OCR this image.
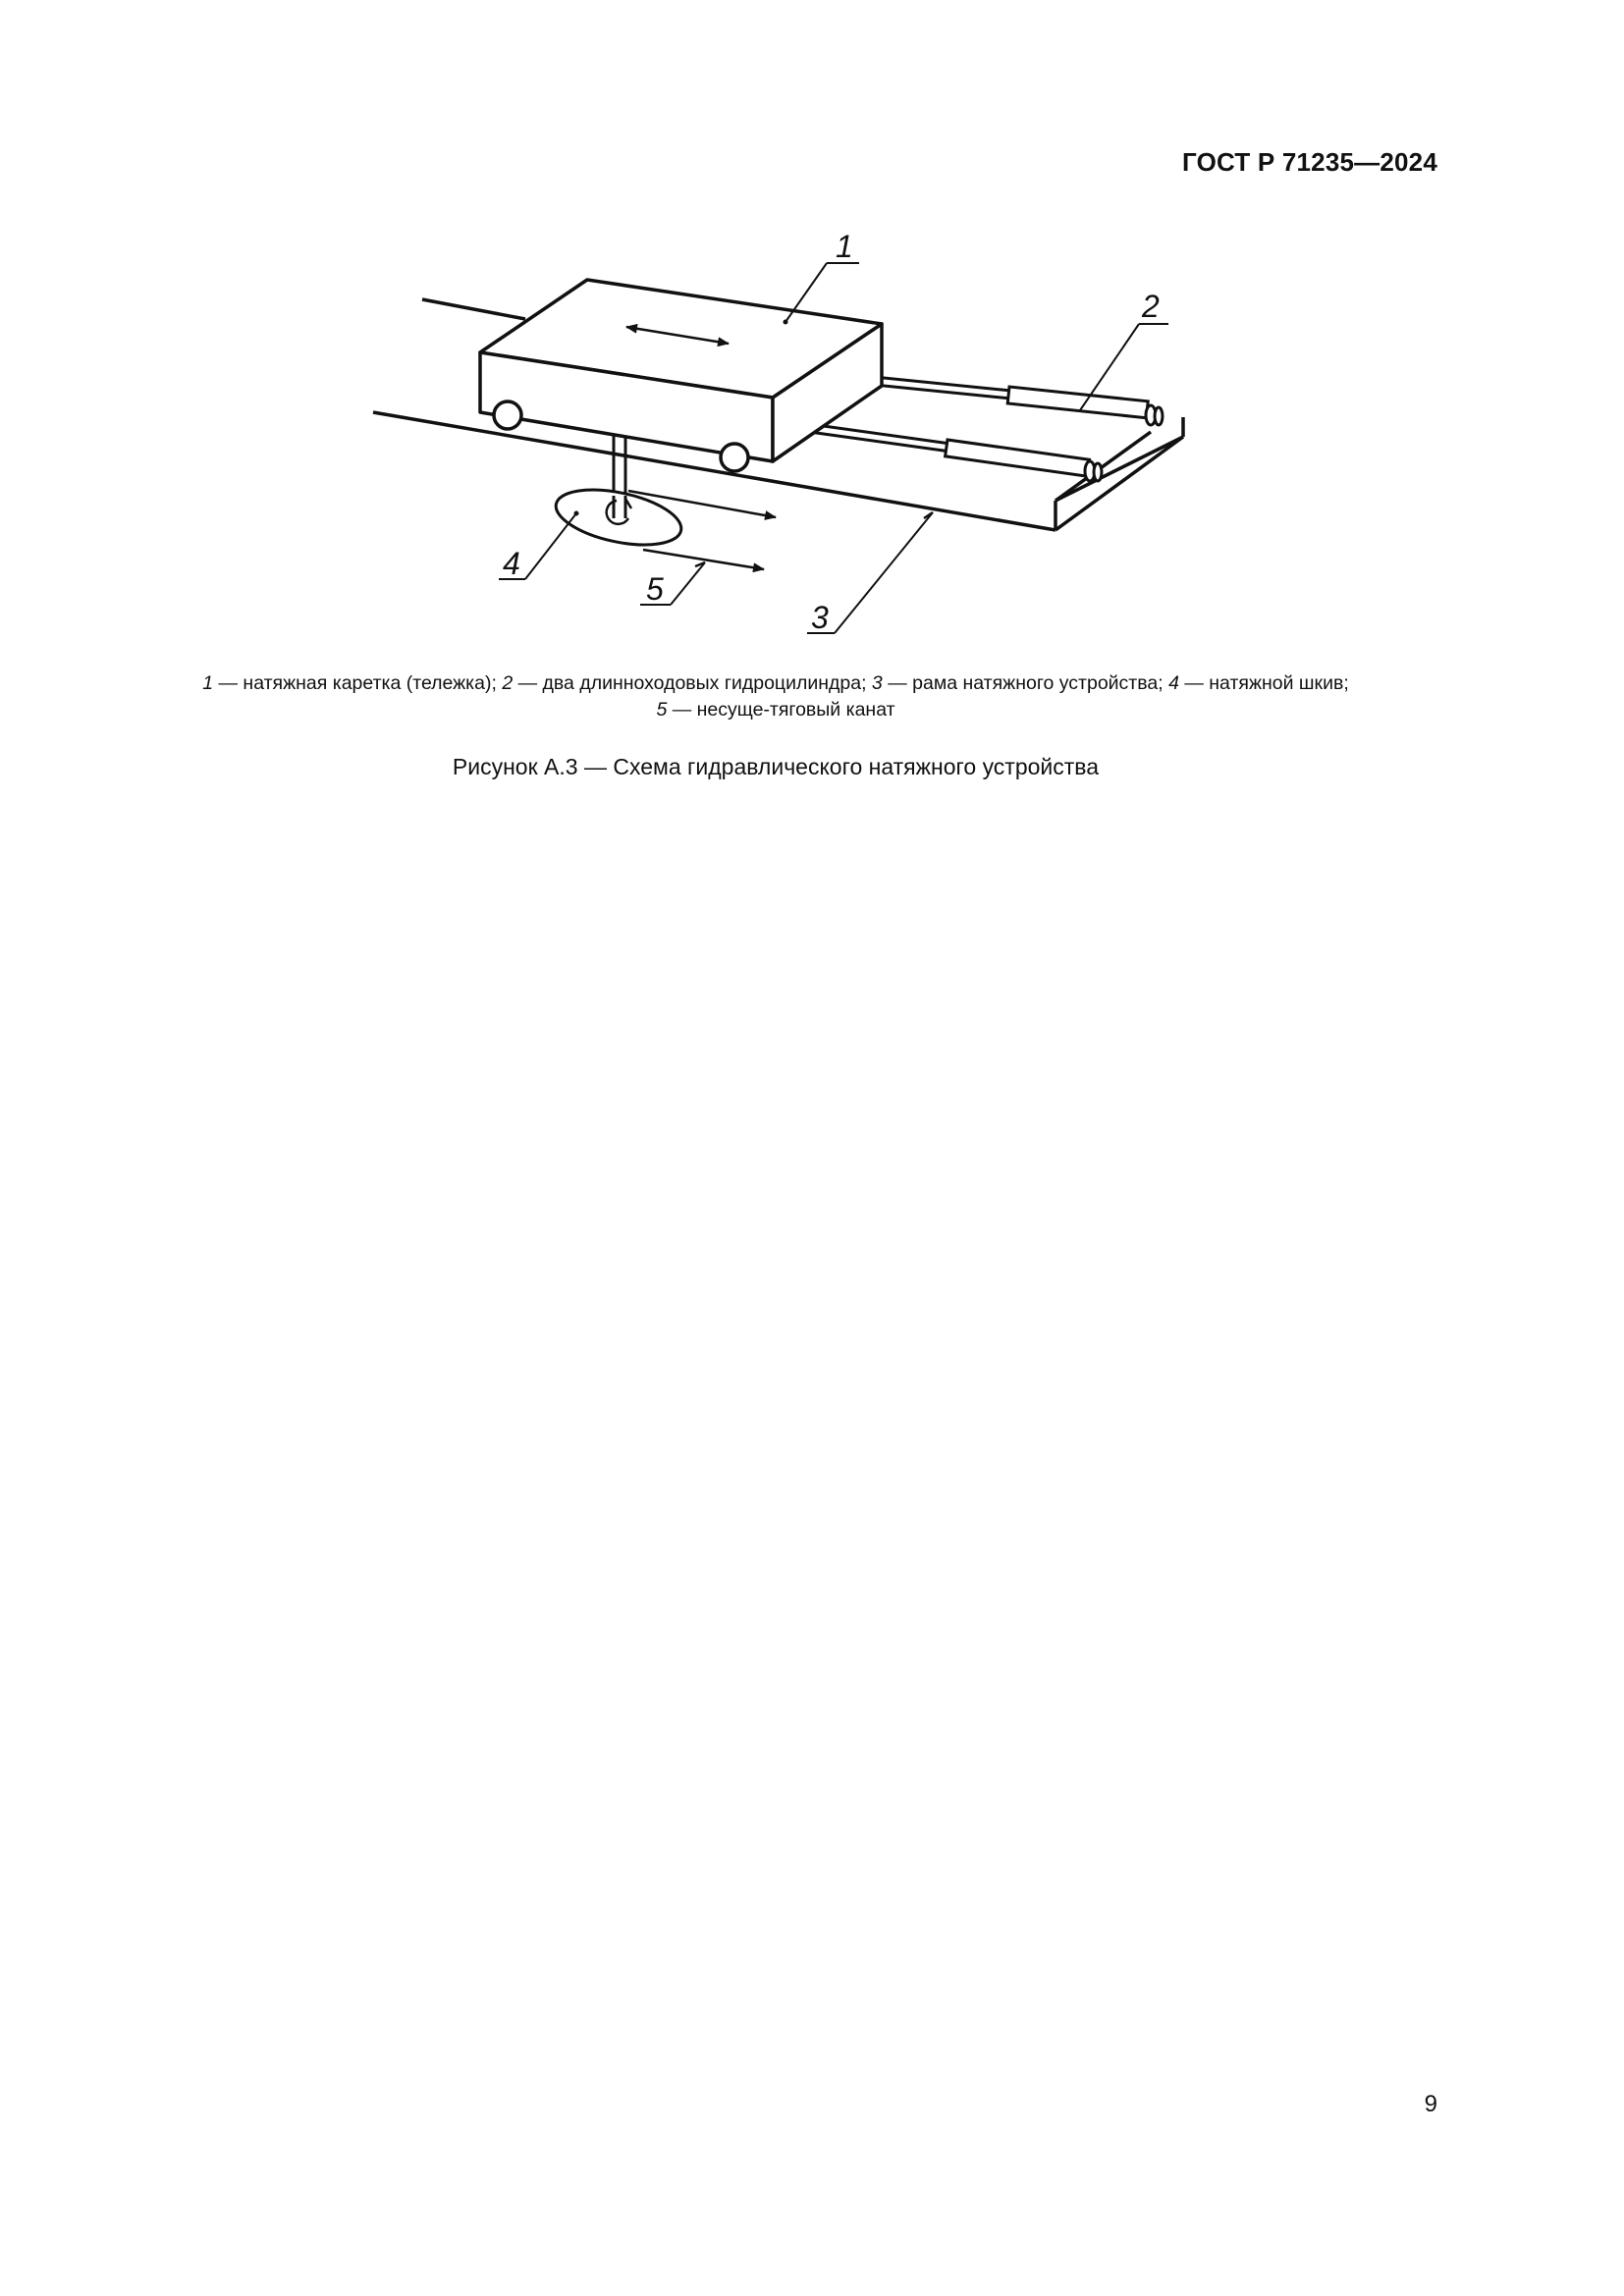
ГОСТ Р 71235—2024
1
2
3
4
5
1 — натяжная каретка (тележка); 2 — два длинноходовых гидроцилиндра; 3 — рама натяжного устройства; 4 — натяжной шкив;
5 — несуще-тяговый канат
Рисунок А.3 — Схема гидравлического натяжного устройства
9
